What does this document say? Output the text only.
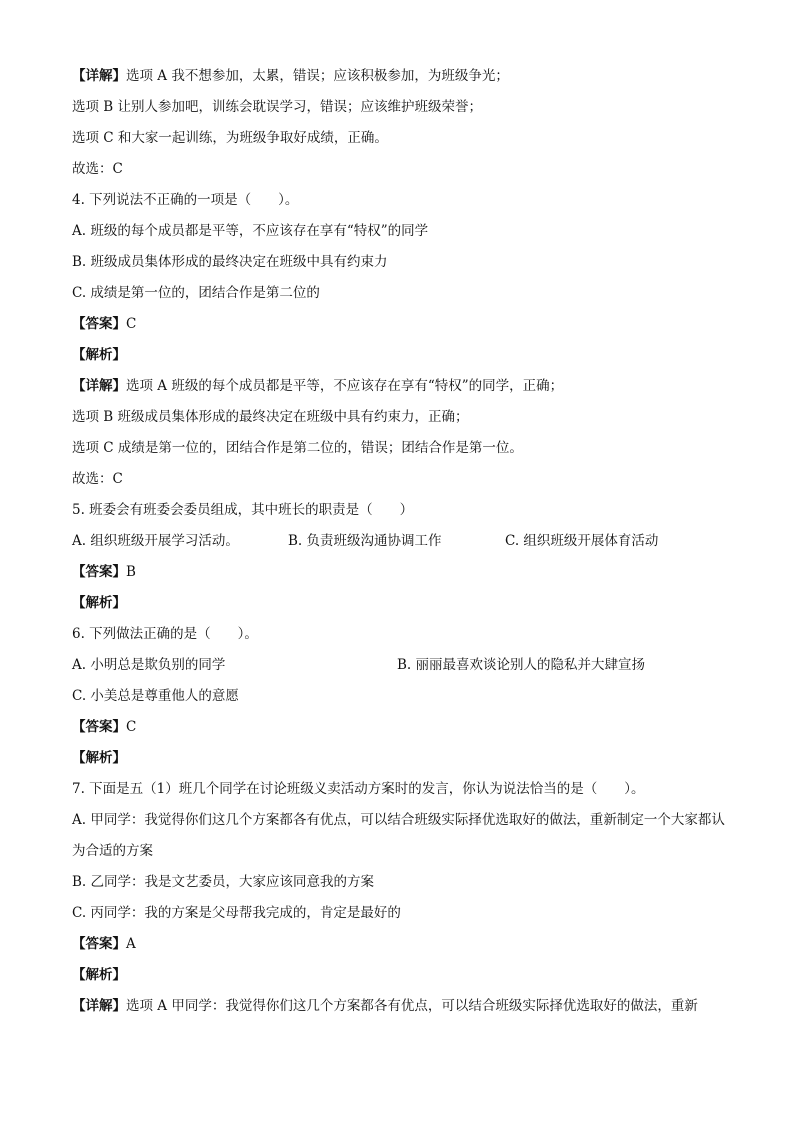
【详解】选项 A 我不想参加，太累，错误；应该积极参加，为班级争光；
选项 B 让别人参加吧，训练会耽误学习，错误；应该维护班级荣誉；
选项 C 和大家一起训练，为班级争取好成绩，正确。
故选：C
4. 下列说法不正确的一项是（　　）。
A. 班级的每个成员都是平等，不应该存在享有“特权”的同学
B. 班级成员集体形成的最终决定在班级中具有约束力
C. 成绩是第一位的，团结合作是第二位的
【答案】C
【解析】
【详解】选项 A 班级的每个成员都是平等，不应该存在享有“特权”的同学，正确；
选项 B 班级成员集体形成的最终决定在班级中具有约束力，正确；
选项 C 成绩是第一位的，团结合作是第二位的，错误；团结合作是第一位。
故选：C
5. 班委会有班委会委员组成，其中班长的职责是（　　）
A. 组织班级开展学习活动。	B. 负责班级沟通协调工作	C. 组织班级开展体育活动
【答案】B
【解析】
6. 下列做法正确的是（　　）。
A. 小明总是欺负别的同学	B. 丽丽最喜欢谈论别人的隐私并大肆宣扬
C. 小美总是尊重他人的意愿
【答案】C
【解析】
7. 下面是五（1）班几个同学在讨论班级义卖活动方案时的发言，你认为说法恰当的是（　　）。
A. 甲同学：我觉得你们这几个方案都各有优点，可以结合班级实际择优选取好的做法，重新制定一个大家都认为合适的方案
B. 乙同学：我是文艺委员，大家应该同意我的方案
C. 丙同学：我的方案是父母帮我完成的，肯定是最好的
【答案】A
【解析】
【详解】选项 A 甲同学：我觉得你们这几个方案都各有优点，可以结合班级实际择优选取好的做法，重新
